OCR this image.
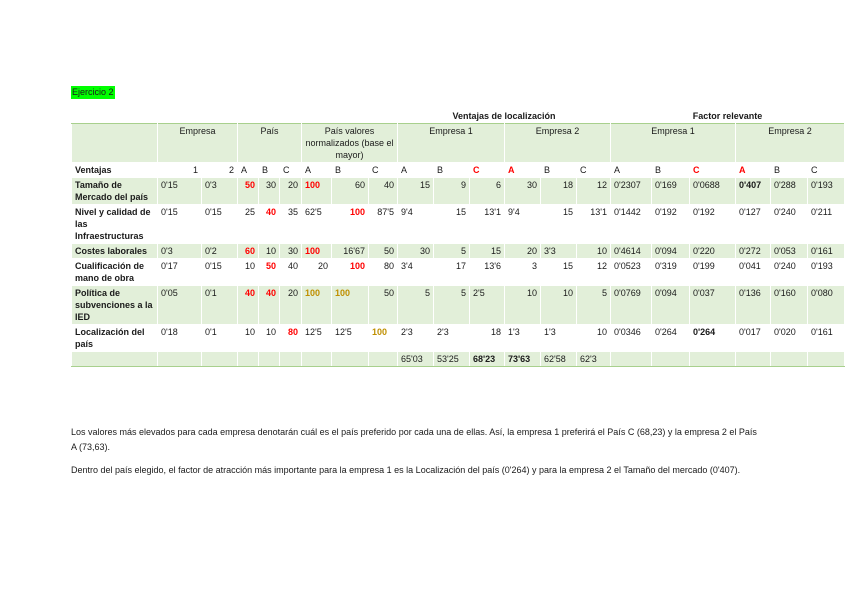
Ejercicio 2
									Ventajas de localización						Factor relevante					
	Empresa		País			País valores normalizados (base el mayor)			Empresa 1			Empresa 2			Empresa 1			Empresa 2		
Ventajas	1	2	A	B	C	A	B	C	A	B	C	A	B	C	A	B	C	A	B	C
Tamaño de Mercado del país	0'15	0'3	50	30	20	100	60	40	15	9	6	30	18	12	0'2307	0'169	0'0688	0'407	0'288	0'193
Nivel y calidad de las Infraestructuras	0'15	0'15	25	40	35	62'5	100	87'5	9'4	15	13'1	9'4	15	13'1	0'1442	0'192	0'192	0'127	0'240	0'211
Costes laborales	0'3	0'2	60	10	30	100	16'67	50	30	5	15	20	3'3	10	0'4614	0'094	0'220	0'272	0'053	0'161
Cualificación de mano de obra	0'17	0'15	10	50	40	20	100	80	3'4	17	13'6	3	15	12	0'0523	0'319	0'199	0'041	0'240	0'193
Política de subvenciones a la IED	0'05	0'1	40	40	20	100	100	50	5	5	2'5	10	10	5	0'0769	0'094	0'037	0'136	0'160	0'080
Localización del país	0'18	0'1	10	10	80	12'5	12'5	100	2'3	2'3	18	1'3	1'3	10	0'0346	0'264	0'264	0'017	0'020	0'161
									65'03	53'25	68'23	73'63	62'58	62'3						

Los valores más elevados para cada empresa denotarán cuál es el país preferido por cada una de ellas. Así, la empresa 1 preferirá el País C (68,23) y la empresa 2 el País A (73,63).

Dentro del país elegido, el factor de atracción más importante para la empresa 1 es la Localización del país (0'264) y para la empresa 2 el Tamaño del mercado (0'407).
